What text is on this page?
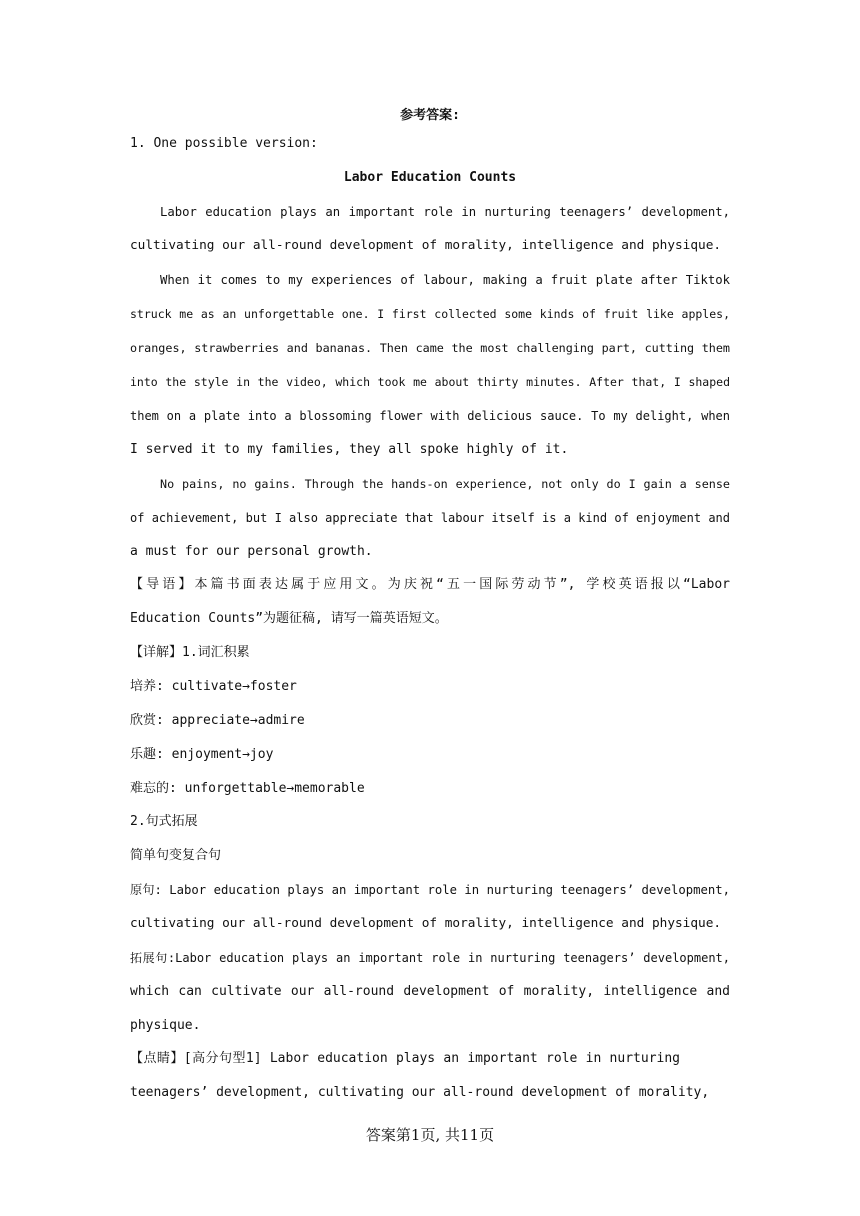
参考答案:
1. One possible version:
Labor Education Counts
Labor education plays an important role in nurturing teenagers’ development,
cultivating our all-round development of morality, intelligence and physique.
When it comes to my experiences of labour, making a fruit plate after Tiktok
struck me as an unforgettable one. I first collected some kinds of fruit like apples,
oranges, strawberries and bananas. Then came the most challenging part, cutting them
into the style in the video, which took me about thirty minutes. After that, I shaped
them on a plate into a blossoming flower with delicious sauce. To my delight, when
I served it to my families, they all spoke highly of it.
No pains, no gains. Through the hands-on experience, not only do I gain a sense
of achievement, but I also appreciate that labour itself is a kind of enjoyment and
a must for our personal growth.
【导语】本篇书面表达属于应用文。为庆祝“五一国际劳动节”, 学校英语报以“Labor
Education Counts”为题征稿, 请写一篇英语短文。
【详解】1.词汇积累
培养: cultivate→foster
欣赏: appreciate→admire
乐趣: enjoyment→joy
难忘的: unforgettable→memorable
2.句式拓展
简单句变复合句
原句: Labor education plays an important role in nurturing teenagers’ development,
cultivating our all-round development of morality, intelligence and physique.
拓展句:Labor education plays an important role in nurturing teenagers’ development,
which can cultivate our all-round development of morality, intelligence and
physique.
【点睛】[高分句型1] Labor education plays an important role in nurturing
teenagers’ development, cultivating our all-round development of morality,
答案第1页, 共11页
